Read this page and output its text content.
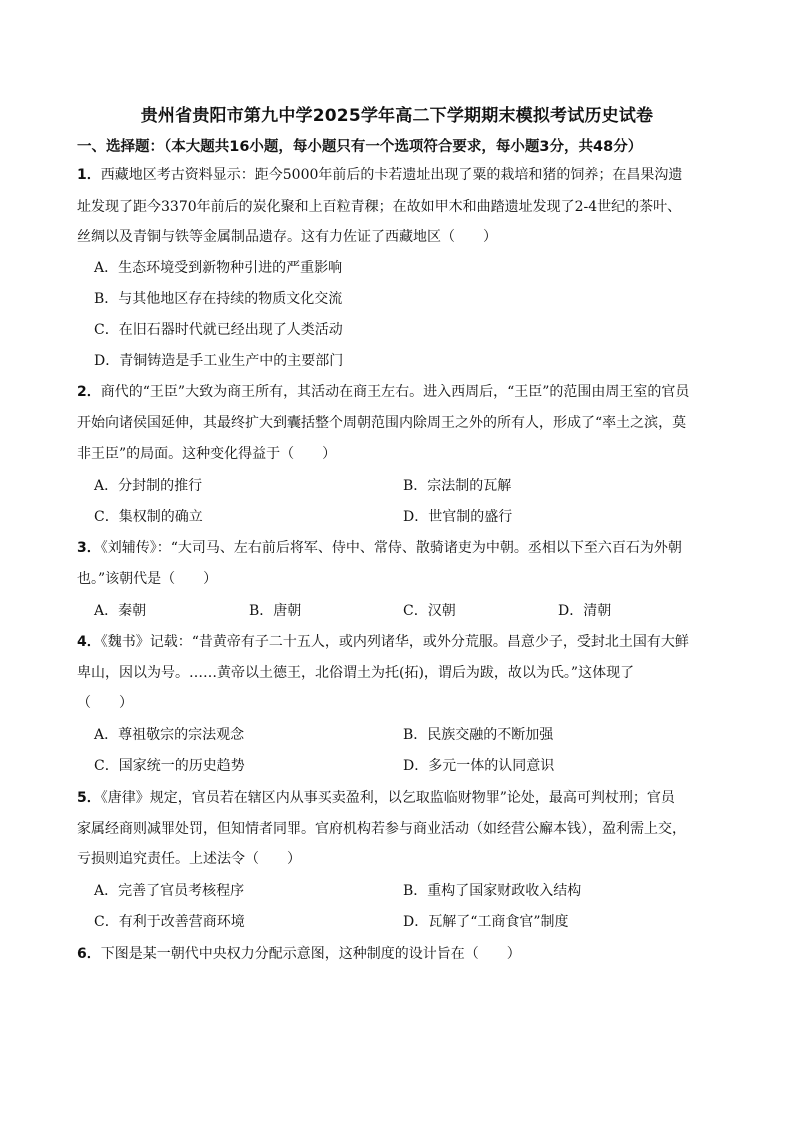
贵州省贵阳市第九中学2025学年高二下学期期末模拟考试历史试卷
一、选择题：（本大题共16小题，每小题只有一个选项符合要求，每小题3分，共48分）
1．西藏地区考古资料显示：距今5000年前后的卡若遗址出现了粟的栽培和猪的饲养；在昌果沟遗
址发现了距今3370年前后的炭化聚和上百粒青稞；在故如甲木和曲踏遗址发现了2-4世纪的茶叶、
丝绸以及青铜与铁等金属制品遗存。这有力佐证了西藏地区（　　）
A．生态环境受到新物种引进的严重影响
B．与其他地区存在持续的物质文化交流
C．在旧石器时代就已经出现了人类活动
D．青铜铸造是手工业生产中的主要部门
2．商代的“王臣”大致为商王所有，其活动在商王左右。进入西周后，“王臣”的范围由周王室的官员
开始向诸侯国延伸，其最终扩大到囊括整个周朝范围内除周王之外的所有人，形成了“率土之滨，莫
非王臣”的局面。这种变化得益于（　　）
A．分封制的推行	B．宗法制的瓦解
C．集权制的确立	D．世官制的盛行
3．《刘辅传》：“大司马、左右前后将军、侍中、常侍、散骑诸吏为中朝。丞相以下至六百石为外朝
也。”该朝代是（　　）
A．秦朝	B．唐朝	C．汉朝	D．清朝
4．《魏书》记载：“昔黄帝有子二十五人，或内列诸华，或外分荒服。昌意少子，受封北土国有大鲜
卑山，因以为号。……黄帝以土德王，北俗谓土为托(拓)，谓后为跋，故以为氏。”这体现了
（　　）
A．尊祖敬宗的宗法观念	B．民族交融的不断加强
C．国家统一的历史趋势	D．多元一体的认同意识
5．《唐律》规定，官员若在辖区内从事买卖盈利，以乞取监临财物罪”论处，最高可判杖刑；官员
家属经商则减罪处罚，但知情者同罪。官府机构若参与商业活动（如经营公廨本钱），盈利需上交，
亏损则追究责任。上述法令（　　）
A．完善了官员考核程序	B．重构了国家财政收入结构
C．有利于改善营商环境	D．瓦解了“工商食官”制度
6．下图是某一朝代中央权力分配示意图，这种制度的设计旨在（　　）
